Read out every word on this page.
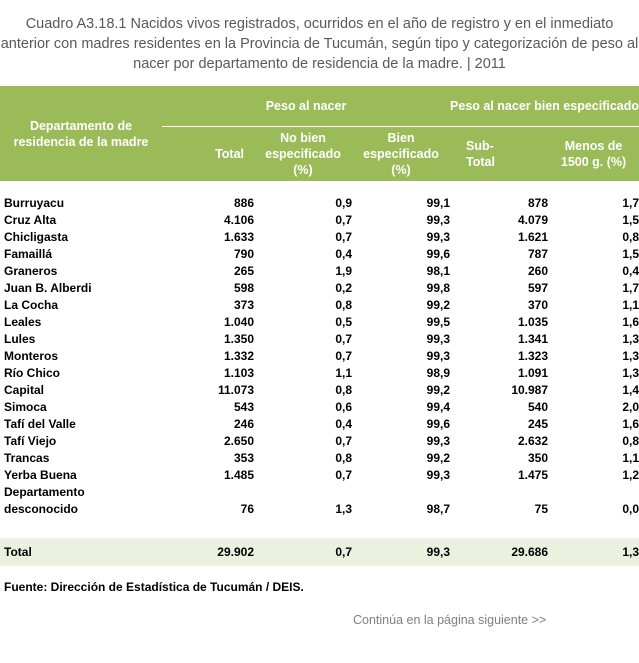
Cuadro A3.18.1 Nacidos vivos registrados, ocurridos en el año de registro y en el inmediato anterior con madres residentes en la Provincia de Tucumán, según tipo y categorización de peso al nacer por departamento de residencia de la madre. | 2011
Departamento de residencia de la madre	Peso al nacer			Peso al nacer bien especificado	
	Total	No bien especificado (%)	Bien especificado (%)	Sub-Total	Menos de 1500 g. (%)

Burruyacu	886	0,9	99,1	878	1,7
Cruz Alta	4.106	0,7	99,3	4.079	1,5
Chicligasta	1.633	0,7	99,3	1.621	0,8
Famaillá	790	0,4	99,6	787	1,5
Graneros	265	1,9	98,1	260	0,4
Juan B. Alberdi	598	0,2	99,8	597	1,7
La Cocha	373	0,8	99,2	370	1,1
Leales	1.040	0,5	99,5	1.035	1,6
Lules	1.350	0,7	99,3	1.341	1,3
Monteros	1.332	0,7	99,3	1.323	1,3
Río Chico	1.103	1,1	98,9	1.091	1,3
Capital	11.073	0,8	99,2	10.987	1,4
Simoca	543	0,6	99,4	540	2,0
Tafí del Valle	246	0,4	99,6	245	1,6
Tafí Viejo	2.650	0,7	99,3	2.632	0,8
Trancas	353	0,8	99,2	350	1,1
Yerba Buena	1.485	0,7	99,3	1.475	1,2
Departamento					
desconocido	76	1,3	98,7	75	0,0

Total	29.902	0,7	99,3	29.686	1,3
Fuente: Dirección de Estadística de Tucumán / DEIS.
Continúa en la página siguiente >>
